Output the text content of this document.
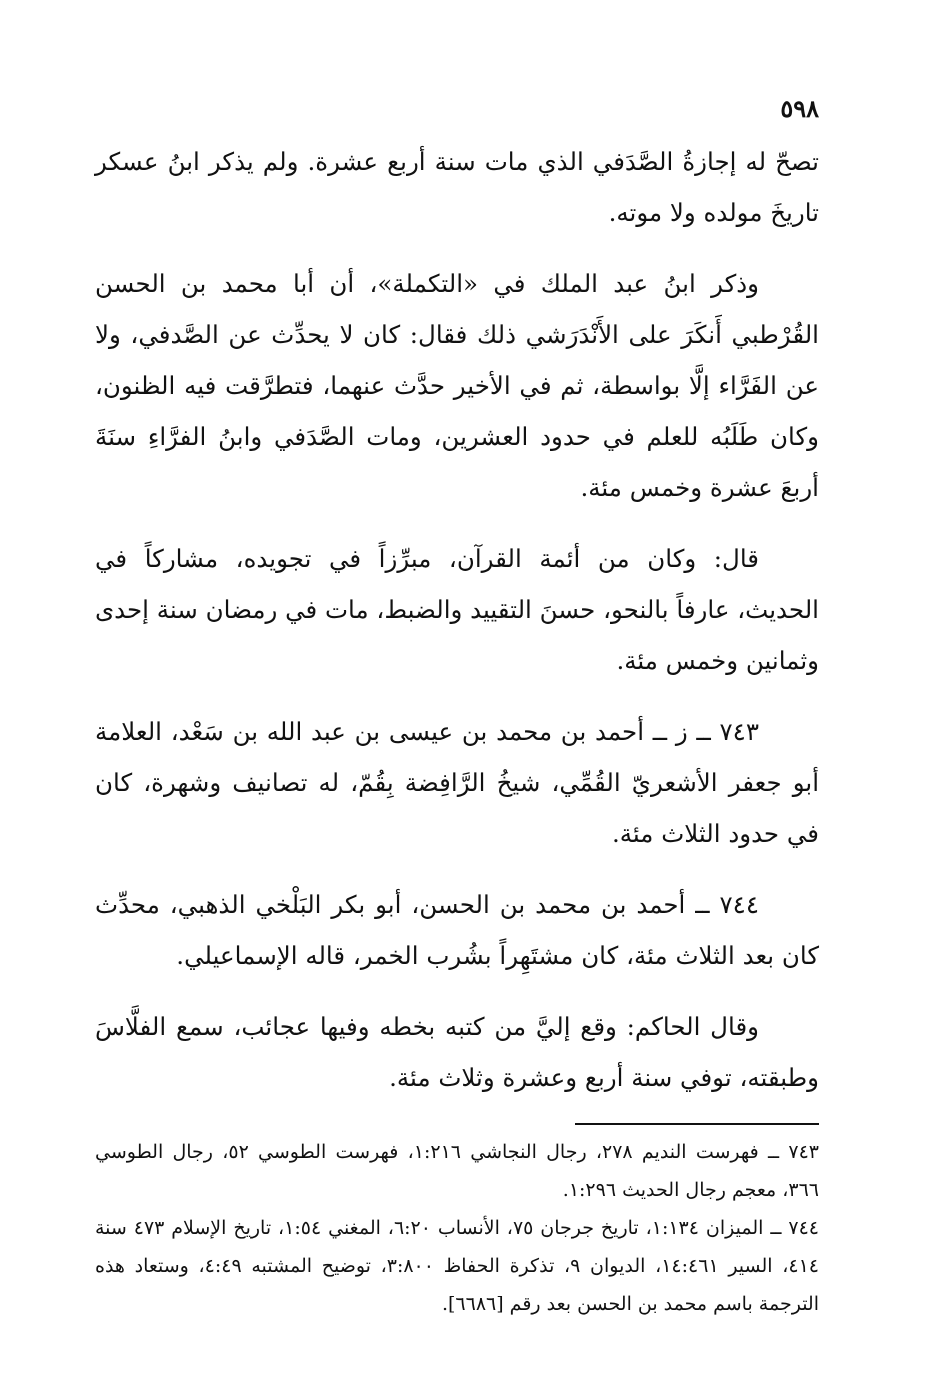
٥٩٨

تصحّ له إجازةُ الصَّدَفي الذي مات سنة أربع عشرة. ولم يذكر ابنُ عسكر تاريخَ مولده ولا موته.

وذكر ابنُ عبد الملك في «التكملة»، أن أبا محمد بن الحسن القُرْطبي أَنكَرَ على الأَنْدَرَشي ذلك فقال: كان لا يحدِّث عن الصَّدفي، ولا عن الفَرَّاء إلَّا بواسطة، ثم في الأخير حدَّث عنهما، فتطرَّقت فيه الظنون، وكان طَلَبُه للعلم في حدود العشرين، ومات الصَّدَفي وابنُ الفرَّاءِ سنَةَ أربعَ عشرة وخمس مئة.

قال: وكان من أئمة القرآن، مبرِّزاً في تجويده، مشاركاً في الحديث، عارفاً بالنحو، حسنَ التقييد والضبط، مات في رمضان سنة إحدى وثمانين وخمس مئة.

٧٤٣ ــ ز ــ أحمد بن محمد بن عيسى بن عبد الله بن سَعْد، العلامة أبو جعفر الأشعريّ القُمِّي، شيخُ الرَّافِضة بِقُمّ، له تصانيف وشهرة، كان في حدود الثلاث مئة.

٧٤٤ ــ أحمد بن محمد بن الحسن، أبو بكر البَلْخي الذهبي، محدِّث كان بعد الثلاث مئة، كان مشتَهِراً بشُرب الخمر، قاله الإسماعيلي.

وقال الحاكم: وقع إليَّ من كتبه بخطه وفيها عجائب، سمع الفلَّاسَ وطبقته، توفي سنة أربع وعشرة وثلاث مئة.

٧٤٣ ــ فهرست النديم ٢٧٨، رجال النجاشي ١:٢١٦، فهرست الطوسي ٥٢، رجال الطوسي ٣٦٦، معجم رجال الحديث ١:٢٩٦.

٧٤٤ ــ الميزان ١:١٣٤، تاريخ جرجان ٧٥، الأنساب ٦:٢٠، المغني ١:٥٤، تاريخ الإسلام ٤٧٣ سنة ٤١٤، السير ١٤:٤٦١، الديوان ٩، تذكرة الحفاظ ٣:٨٠٠، توضيح المشتبه ٤:٤٩، وستعاد هذه الترجمة باسم محمد بن الحسن بعد رقم [٦٦٨٦].
